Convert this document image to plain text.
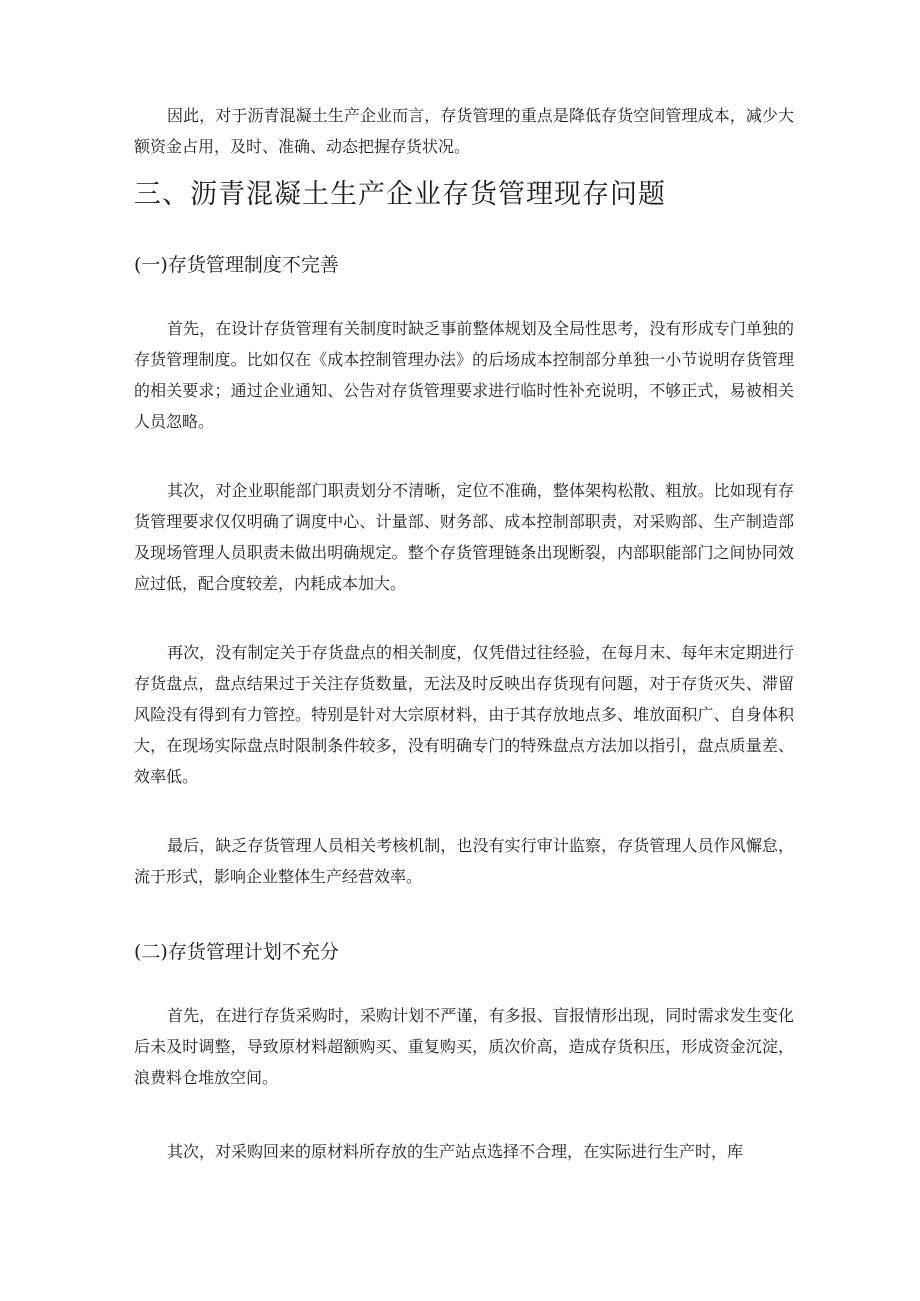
因此，对于沥青混凝土生产企业而言，存货管理的重点是降低存货空间管理成本，减少大额资金占用，及时、准确、动态把握存货状况。

三、沥青混凝土生产企业存货管理现存问题
(一)存货管理制度不完善

首先，在设计存货管理有关制度时缺乏事前整体规划及全局性思考，没有形成专门单独的存货管理制度。比如仅在《成本控制管理办法》的后场成本控制部分单独一小节说明存货管理的相关要求；通过企业通知、公告对存货管理要求进行临时性补充说明，不够正式，易被相关人员忽略。

其次，对企业职能部门职责划分不清晰，定位不准确，整体架构松散、粗放。比如现有存货管理要求仅仅明确了调度中心、计量部、财务部、成本控制部职责，对采购部、生产制造部及现场管理人员职责未做出明确规定。整个存货管理链条出现断裂，内部职能部门之间协同效应过低，配合度较差，内耗成本加大。

再次，没有制定关于存货盘点的相关制度，仅凭借过往经验，在每月末、每年末定期进行存货盘点，盘点结果过于关注存货数量，无法及时反映出存货现有问题，对于存货灭失、滞留风险没有得到有力管控。特别是针对大宗原材料，由于其存放地点多、堆放面积广、自身体积大，在现场实际盘点时限制条件较多，没有明确专门的特殊盘点方法加以指引，盘点质量差、效率低。

最后，缺乏存货管理人员相关考核机制，也没有实行审计监察，存货管理人员作风懈怠，流于形式，影响企业整体生产经营效率。

(二)存货管理计划不充分

首先，在进行存货采购时，采购计划不严谨，有多报、盲报情形出现，同时需求发生变化后未及时调整，导致原材料超额购买、重复购买，质次价高，造成存货积压，形成资金沉淀，浪费料仓堆放空间。

其次，对采购回来的原材料所存放的生产站点选择不合理，在实际进行生产时，库
